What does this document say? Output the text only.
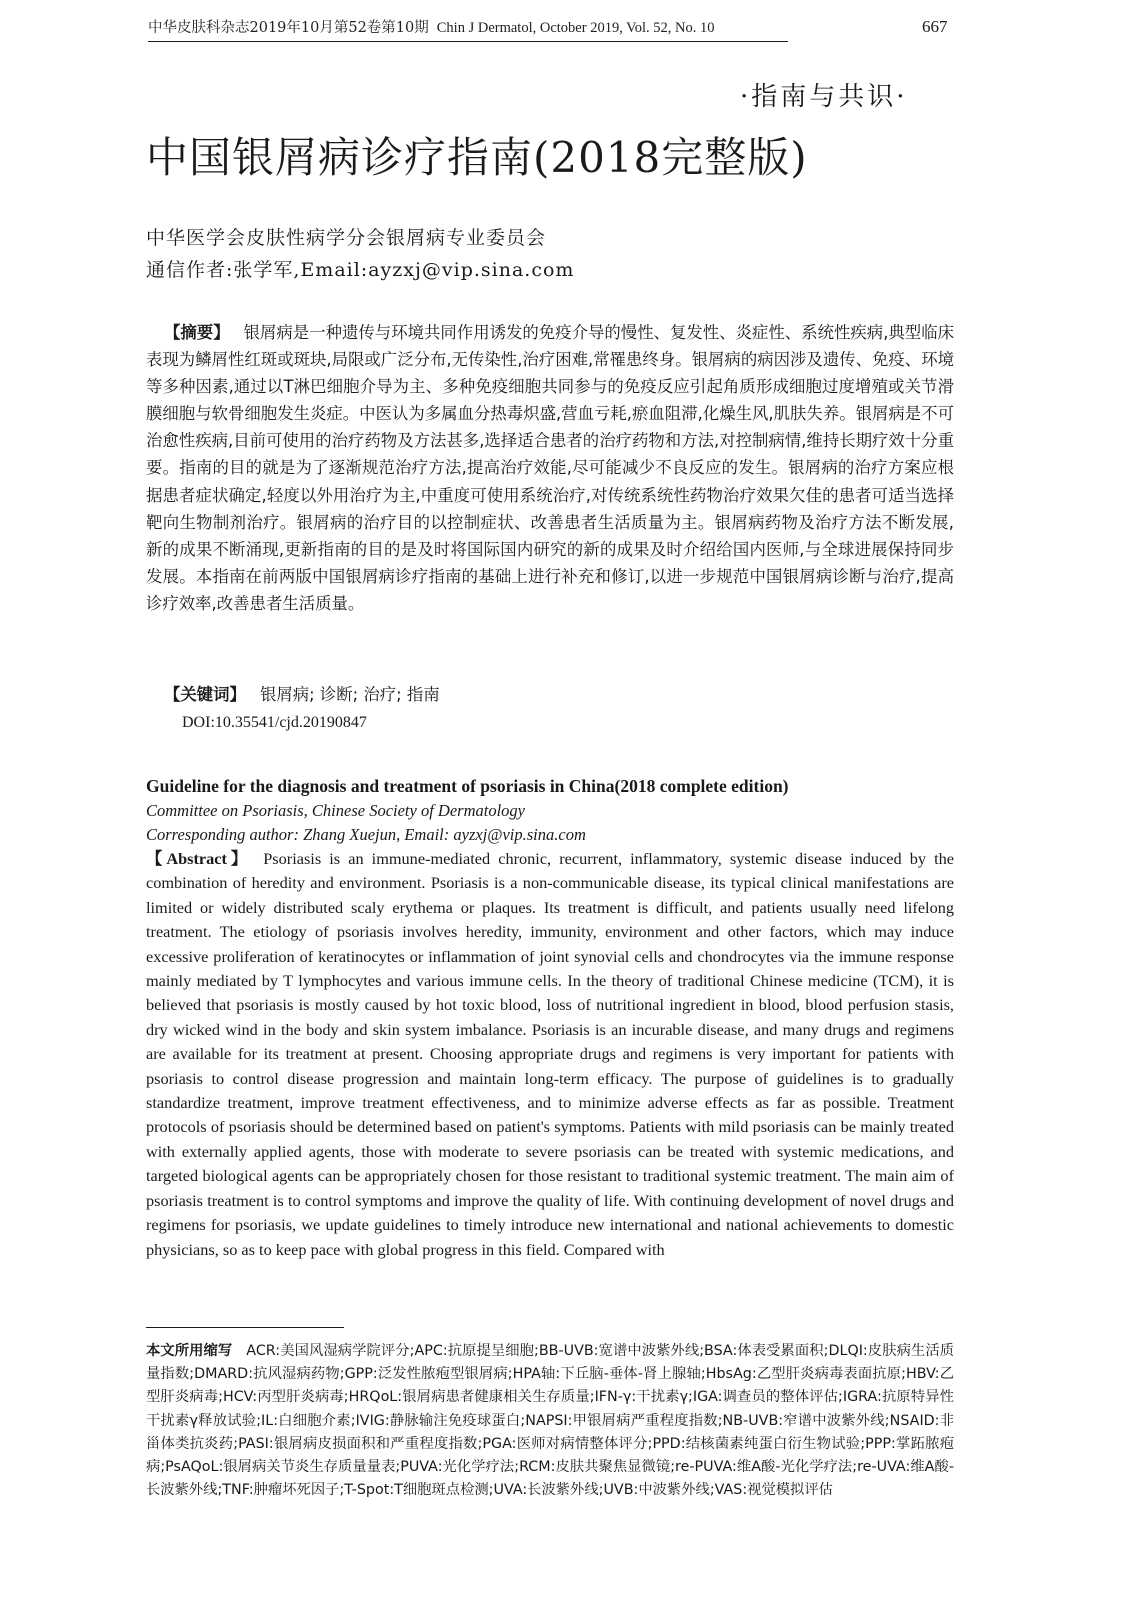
中华皮肤科杂志2019年10月第52卷第10期 Chin J Dermatol, October 2019, Vol. 52, No. 10	667
·指南与共识·
中国银屑病诊疗指南(2018完整版)
中华医学会皮肤性病学分会银屑病专业委员会
通信作者:张学军,Email:ayzxj@vip.sina.com

【摘要】 银屑病是一种遗传与环境共同作用诱发的免疫介导的慢性、复发性、炎症性、系统性疾病,典型临床表现为鳞屑性红斑或斑块,局限或广泛分布,无传染性,治疗困难,常罹患终身。银屑病的病因涉及遗传、免疫、环境等多种因素,通过以T淋巴细胞介导为主、多种免疫细胞共同参与的免疫反应引起角质形成细胞过度增殖或关节滑膜细胞与软骨细胞发生炎症。中医认为多属血分热毒炽盛,营血亏耗,瘀血阻滞,化燥生风,肌肤失养。银屑病是不可治愈性疾病,目前可使用的治疗药物及方法甚多,选择适合患者的治疗药物和方法,对控制病情,维持长期疗效十分重要。指南的目的就是为了逐渐规范治疗方法,提高治疗效能,尽可能减少不良反应的发生。银屑病的治疗方案应根据患者症状确定,轻度以外用治疗为主,中重度可使用系统治疗,对传统系统性药物治疗效果欠佳的患者可适当选择靶向生物制剂治疗。银屑病的治疗目的以控制症状、改善患者生活质量为主。银屑病药物及治疗方法不断发展,新的成果不断涌现,更新指南的目的是及时将国际国内研究的新的成果及时介绍给国内医师,与全球进展保持同步发展。本指南在前两版中国银屑病诊疗指南的基础上进行补充和修订,以进一步规范中国银屑病诊断与治疗,提高诊疗效率,改善患者生活质量。

【关键词】 银屑病; 诊断; 治疗; 指南
DOI:10.35541/cjd.20190847
Guideline for the diagnosis and treatment of psoriasis in China(2018 complete edition)
Committee on Psoriasis, Chinese Society of Dermatology
Corresponding author: Zhang Xuejun, Email: ayzxj@vip.sina.com

【Abstract】 Psoriasis is an immune-mediated chronic, recurrent, inflammatory, systemic disease induced by the combination of heredity and environment. Psoriasis is a non-communicable disease, its typical clinical manifestations are limited or widely distributed scaly erythema or plaques. Its treatment is difficult, and patients usually need lifelong treatment. The etiology of psoriasis involves heredity, immunity, environment and other factors, which may induce excessive proliferation of keratinocytes or inflammation of joint synovial cells and chondrocytes via the immune response mainly mediated by T lymphocytes and various immune cells. In the theory of traditional Chinese medicine (TCM), it is believed that psoriasis is mostly caused by hot toxic blood, loss of nutritional ingredient in blood, blood perfusion stasis, dry wicked wind in the body and skin system imbalance. Psoriasis is an incurable disease, and many drugs and regimens are available for its treatment at present. Choosing appropriate drugs and regimens is very important for patients with psoriasis to control disease progression and maintain long-term efficacy. The purpose of guidelines is to gradually standardize treatment, improve treatment effectiveness, and to minimize adverse effects as far as possible. Treatment protocols of psoriasis should be determined based on patient's symptoms. Patients with mild psoriasis can be mainly treated with externally applied agents, those with moderate to severe psoriasis can be treated with systemic medications, and targeted biological agents can be appropriately chosen for those resistant to traditional systemic treatment. The main aim of psoriasis treatment is to control symptoms and improve the quality of life. With continuing development of novel drugs and regimens for psoriasis, we update guidelines to timely introduce new international and national achievements to domestic physicians, so as to keep pace with global progress in this field. Compared with

本文所用缩写 ACR:美国风湿病学院评分;APC:抗原提呈细胞;BB-UVB:宽谱中波紫外线;BSA:体表受累面积;DLQI:皮肤病生活质量指数;DMARD:抗风湿病药物;GPP:泛发性脓疱型银屑病;HPA轴:下丘脑-垂体-肾上腺轴;HbsAg:乙型肝炎病毒表面抗原;HBV:乙型肝炎病毒;HCV:丙型肝炎病毒;HRQoL:银屑病患者健康相关生存质量;IFN-γ:干扰素γ;IGA:调查员的整体评估;IGRA:抗原特异性干扰素γ释放试验;IL:白细胞介素;IVIG:静脉输注免疫球蛋白;NAPSI:甲银屑病严重程度指数;NB-UVB:窄谱中波紫外线;NSAID:非甾体类抗炎药;PASI:银屑病皮损面积和严重程度指数;PGA:医师对病情整体评分;PPD:结核菌素纯蛋白衍生物试验;PPP:掌跖脓疱病;PsAQoL:银屑病关节炎生存质量量表;PUVA:光化学疗法;RCM:皮肤共聚焦显微镜;re-PUVA:维A酸-光化学疗法;re-UVA:维A酸-长波紫外线;TNF:肿瘤坏死因子;T-Spot:T细胞斑点检测;UVA:长波紫外线;UVB:中波紫外线;VAS:视觉模拟评估
